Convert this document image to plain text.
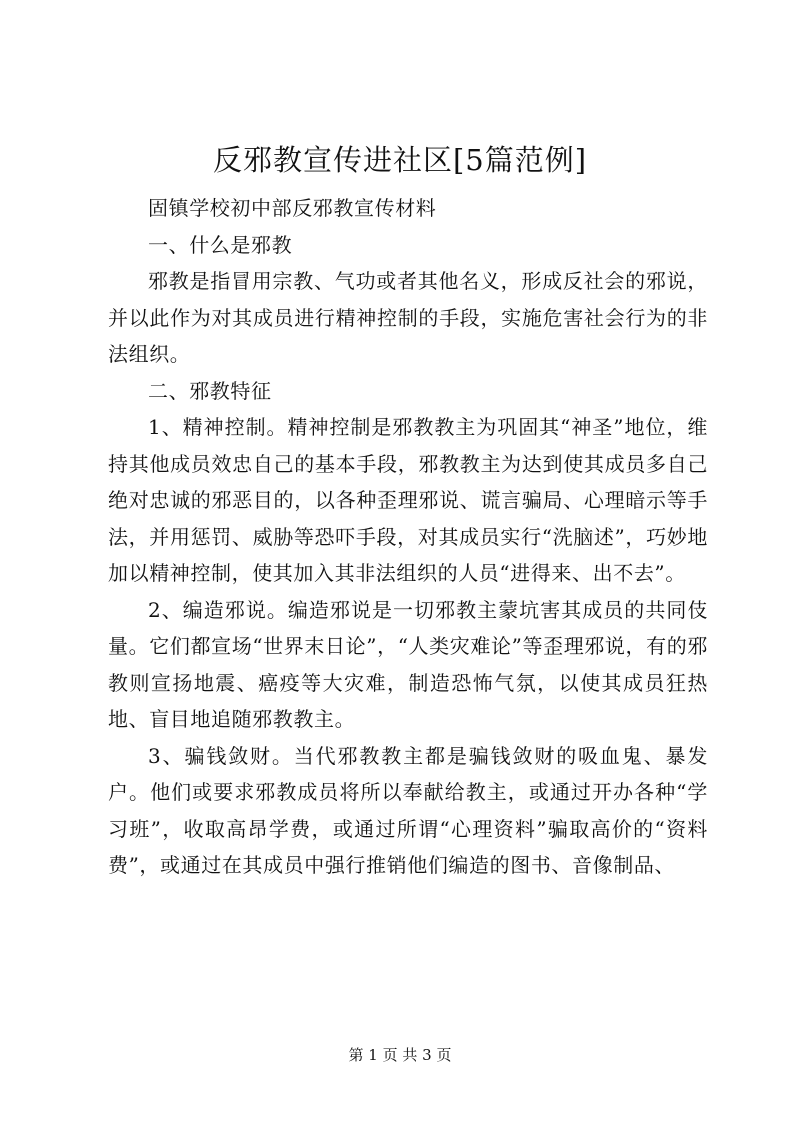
反邪教宣传进社区[5篇范例]

固镇学校初中部反邪教宣传材料

一、什么是邪教

邪教是指冒用宗教、气功或者其他名义，形成反社会的邪说，并以此作为对其成员进行精神控制的手段，实施危害社会行为的非法组织。

二、邪教特征

1、精神控制。精神控制是邪教教主为巩固其“神圣”地位，维持其他成员效忠自己的基本手段，邪教教主为达到使其成员多自己绝对忠诚的邪恶目的，以各种歪理邪说、谎言骗局、心理暗示等手法，并用惩罚、威胁等恐吓手段，对其成员实行“洗脑述”，巧妙地加以精神控制，使其加入其非法组织的人员“进得来、出不去”。

2、编造邪说。编造邪说是一切邪教主蒙坑害其成员的共同伎量。它们都宣场“世界末日论”，“人类灾难论”等歪理邪说，有的邪教则宣扬地震、癌疫等大灾难，制造恐怖气氛，以使其成员狂热地、盲目地追随邪教教主。

3、骗钱敛财。当代邪教教主都是骗钱敛财的吸血鬼、暴发户。他们或要求邪教成员将所以奉献给教主，或通过开办各种“学习班”，收取高昂学费，或通过所谓“心理资料”骗取高价的“资料费”，或通过在其成员中强行推销他们编造的图书、音像制品、

第 1 页 共 3 页
